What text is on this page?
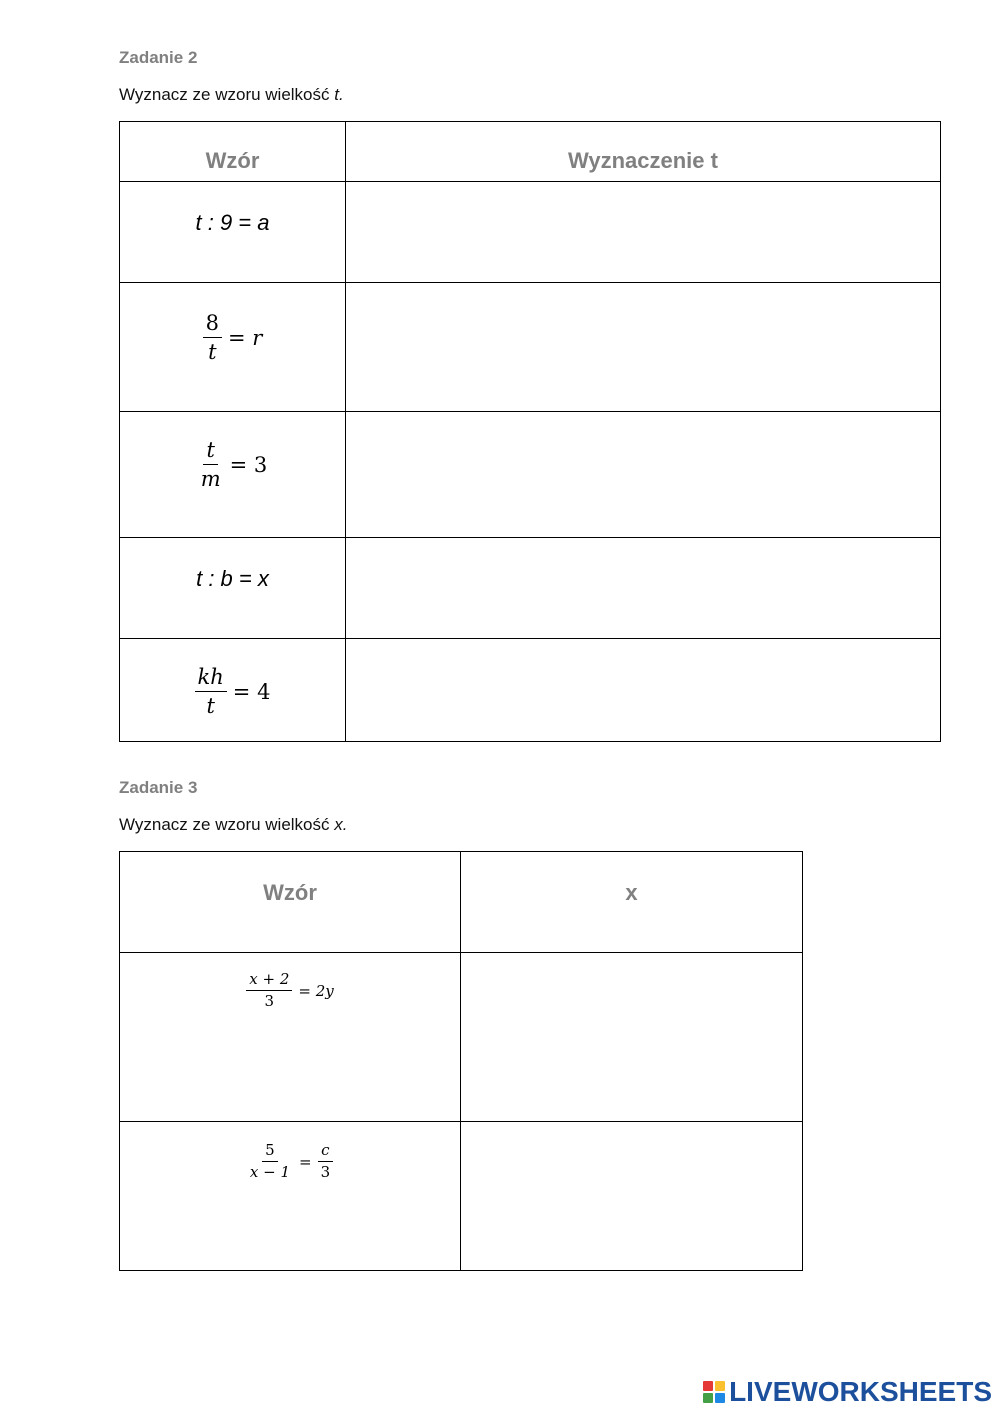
Zadanie 2
Wyznacz ze wzoru wielkość t.
Wzór	Wyznaczenie t
t : 9 = a	

$\frac{8}{t} = r$	

$\frac{t}{m} = 3$	

t : b = x	

$\frac{kh}{t} = 4$	

Zadanie 3
Wyznacz ze wzoru wielkość x.
Wzór	x

$\frac{x + 2}{3} = 2y$	

$\frac{5}{x - 1} = \frac{c}{3}$

LIVEWORKSHEETS
